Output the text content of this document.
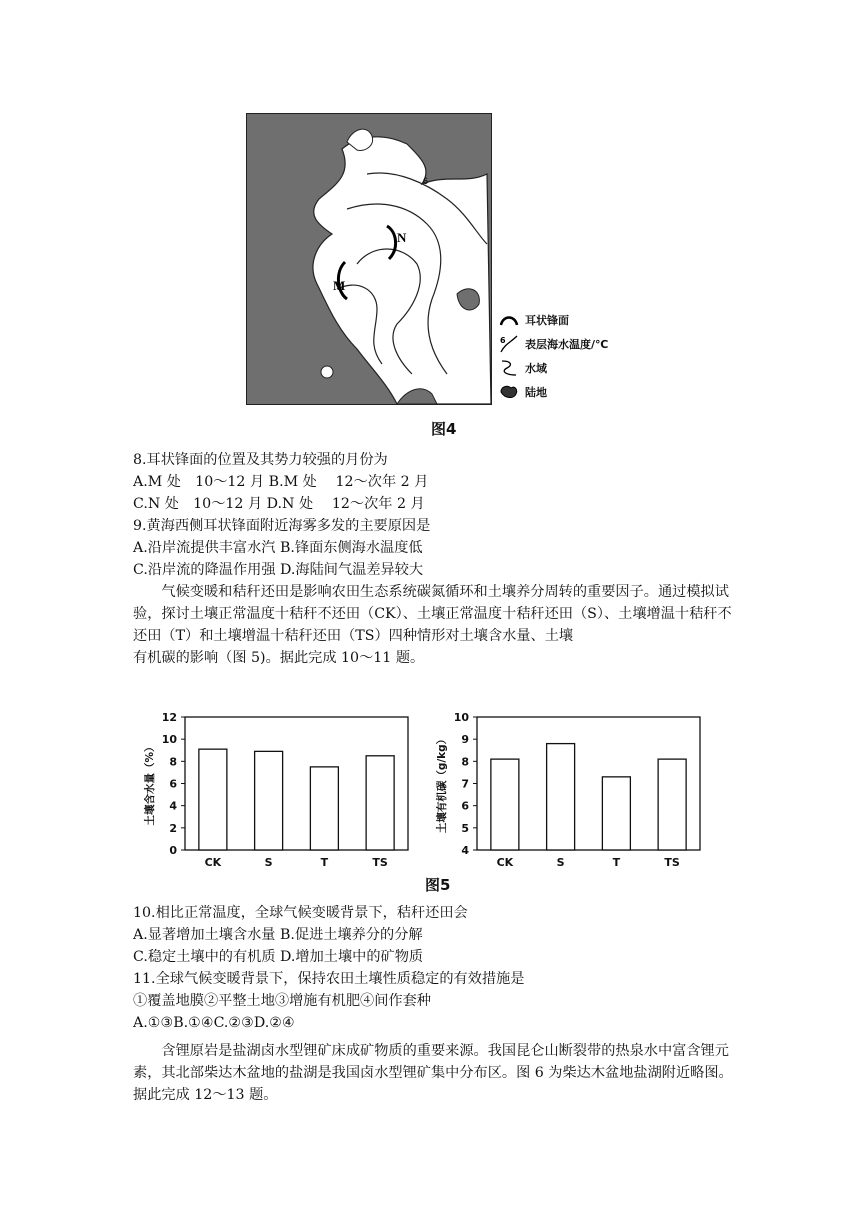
N
M
6
耳状锋面
6 表层海水温度/℃
水域
陆地
图4

8.耳状锋面的位置及其势力较强的月份为

A.M 处　10～12 月 B.M 处　 12～次年 2 月

C.N 处　10～12 月 D.N 处　 12～次年 2 月

9.黄海西侧耳状锋面附近海雾多发的主要原因是

A.沿岸流提供丰富水汽 B.锋面东侧海水温度低

C.沿岸流的降温作用强 D.海陆间气温差异较大

气候变暖和秸秆还田是影响农田生态系统碳氮循环和土壤养分周转的重要因子。通过模拟试验，探讨土壤正常温度十秸秆不还田（CK）、土壤正常温度十秸秆还田（S）、土壤增温十秸秆不还田（T）和土壤增温十秸秆还田（TS）四种情形对土壤含水量、土壤

有机碳的影响（图 5)。据此完成 10～11 题。

0
2
4
6
8
10
12
土壤含水量（%）
CK	S	T	TS
4
5
6
7
8
9
10
土壤有机碳（g/kg）
CK	S	T	TS
图5

10.相比正常温度，全球气候变暖背景下，秸秆还田会

A.显著增加土壤含水量 B.促进土壤养分的分解

C.稳定土壤中的有机质 D.增加土壤中的矿物质

11.全球气候变暖背景下，保持农田土壤性质稳定的有效措施是

①覆盖地膜②平整土地③增施有机肥④间作套种

A.①③B.①④C.②③D.②④

含锂原岩是盐湖卤水型锂矿床成矿物质的重要来源。我国昆仑山断裂带的热泉水中富含锂元素，其北部柴达木盆地的盐湖是我国卤水型锂矿集中分布区。图 6 为柴达木盆地盐湖附近略图。据此完成 12～13 题。
